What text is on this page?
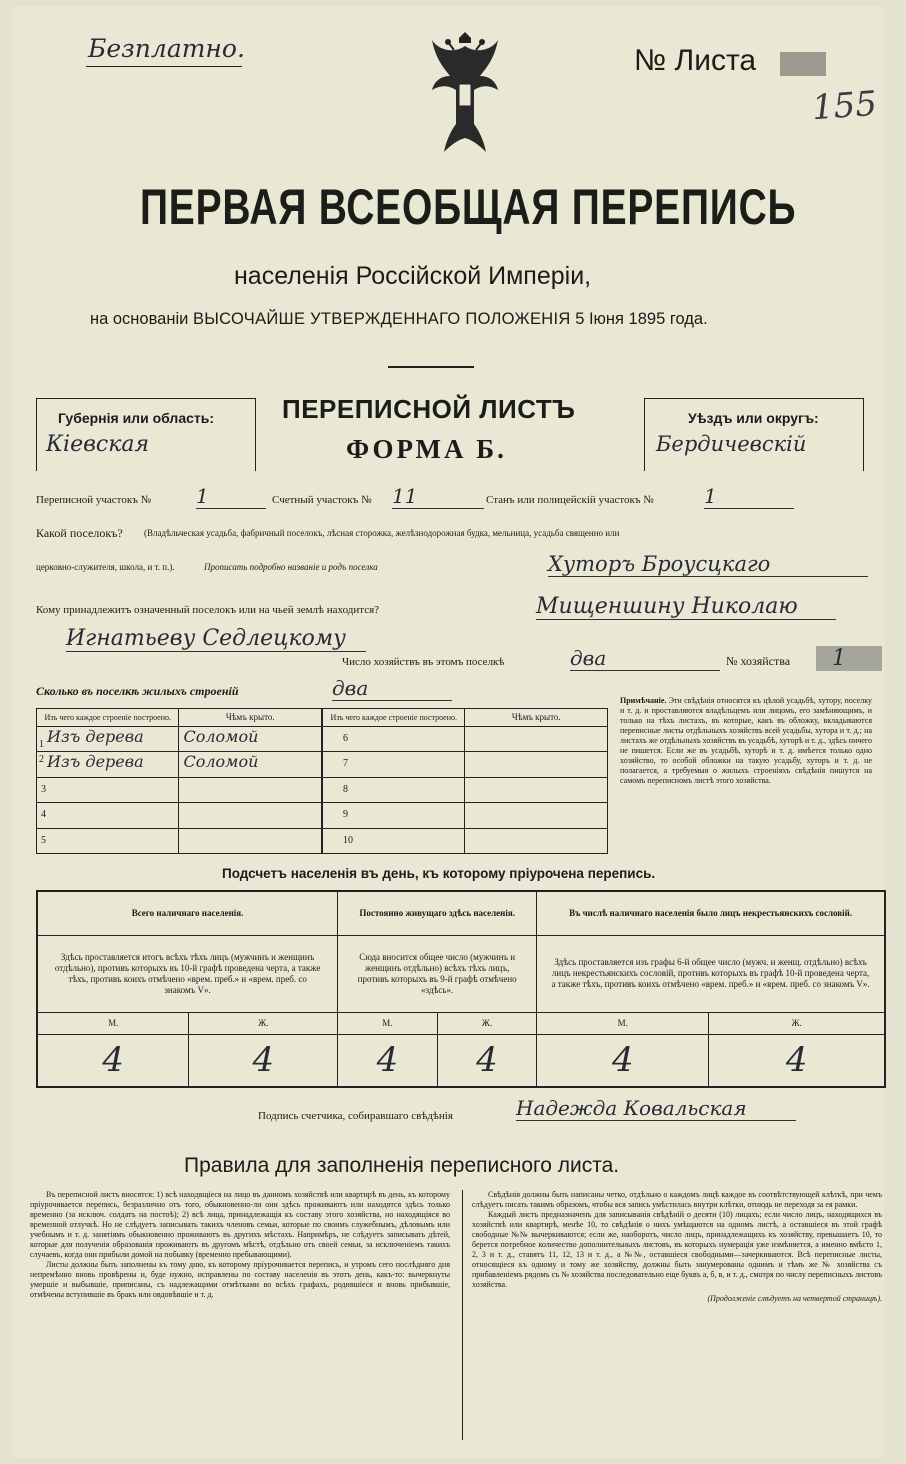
Безплатно.	№ Листа
155
ПЕРВАЯ ВСЕОБЩАЯ ПЕРЕПИСЬ
населенія Россійской Имперіи,
на основаніи ВЫСОЧАЙШЕ УТВЕРЖДЕННАГО ПОЛОЖЕНІЯ 5 Іюня 1895 года.
Губернія или область:
Кіевская
ПЕРЕПИСНОЙ ЛИСТЪ
ФОРМА Б.
Уѣздъ или округъ:
Бердичевскій
Переписной участокъ № 1	Счетный участокъ № 11	Станъ или полицейскій участокъ №	1
Какой поселокъ? (Владѣльческая усадьба, фабричный поселокъ, лѣсная сторожка, желѣзнодорожная будка, мельница, усадьба священно или
церковно-служителя, школа, и т. п.).	Прописать подробно названіе и родъ поселка	Хуторъ Броусцкаго
Кому принадлежитъ означенный поселокъ или на чьей землѣ находится?	Мищеншину Николаю
Игнатьеву Седлецкому
Число хозяйствъ въ этомъ поселкѣ	два	№ хозяйства	1
Сколько въ поселкѣ жилыхъ строеній	два
Изъ чего каждое строеніе построено.	Чѣмъ крыто.	Изъ чего каждое строеніе построено.	Чѣмъ крыто.

1 Изъ дерева	Соломой	6	

2 Изъ дерева	Соломой	7	

3		8	

4		9	

5		10	

Примѣчаніе. Эти свѣдѣнія относятся къ цѣлой усадьбѣ, хутору, поселку и т. д. и проставляются владѣльцемъ или лицомъ, его замѣняющимъ, и только на тѣхъ листахъ, въ которые, какъ въ обложку, вкладываются переписные листы отдѣльныхъ хозяйствъ всей усадьбы, хутора и т. д.; на листахъ же отдѣльныхъ хозяйствъ въ усадьбѣ, хуторѣ и т. д., здѣсь ничего не пишется. Если же въ усадьбѣ, хуторѣ и т. д. имѣется только одно хозяйство, то особой обложки на такую усадьбу, хуторъ и т. д. не полагается, а требуемыя о жилыхъ строеніяхъ свѣдѣнія пишутся на самомъ переписномъ листѣ этого хозяйства.
Подсчетъ населенія въ день, къ которому пріурочена перепись.
Всего наличнаго населенія.		Постоянно живущаго здѣсь населенія.		Въ числѣ наличнаго населенія было лицъ некрестьянскихъ сословій.	
Здѣсь проставляется итогъ всѣхъ тѣхъ лицъ (мужчинъ и женщинъ отдѣльно), противъ которыхъ въ 10-й графѣ проведена черта, а также тѣхъ, противъ коихъ отмѣчено «врем. преб.» и «врем. преб. со знакомъ V».		Сюда вносится общее число (мужчинъ и женщинъ отдѣльно) всѣхъ тѣхъ лицъ, противъ которыхъ въ 9-й графѣ отмѣчено «здѣсь».		Здѣсь проставляется изъ графы 6-й общее число (мужч. и женщ. отдѣльно) всѣхъ лицъ некрестьянскихъ сословій, противъ которыхъ въ графѣ 10-й проведена черта, а также тѣхъ, противъ коихъ отмѣчено «врем. преб.» и «врем. преб. со знакомъ V».	
М.	Ж.	М.	Ж.	М.	Ж.
4	4	4	4	4	4
Подпись счетчика, собиравшаго свѣдѣнія	Надежда Ковальская
Правила для заполненія переписного листа.

Въ переписной листъ вносятся: 1) всѣ находящіеся на лицо въ данномъ хозяйствѣ или квартирѣ въ день, къ которому пріурочивается перепись, безразлично отъ того, обыкновенно-ли они здѣсь проживаютъ или находятся здѣсь только временно (за исключ. солдатъ на постоѣ); 2) всѣ лица, принадлежащія къ составу этого хозяйства, но находящіяся во временной отлучкѣ. Но не слѣдуетъ записывать такихъ членовъ семьи, которые по своимъ служебнымъ, дѣловымъ или учебнымъ и т. д. занятіямъ обыкновенно проживаютъ въ другихъ мѣстахъ. Напримѣръ, не слѣдуетъ записывать дѣтей, которые для полученія образованія проживаютъ въ другомъ мѣстѣ, отдѣльно отъ своей семьи, за исключеніемъ такихъ случаевъ, когда они прибыли домой на побывку (временно пребывающими).

Листы должны быть заполнены къ тому дню, къ которому пріурочивается перепись, и утромъ сего послѣдняго дня непремѣнно вновь провѣрены и, буде нужно, исправлены по составу населенія въ этотъ день, какъ-то: вычеркнуты умершіе и выбывшіе, приписаны, съ надлежащими отмѣтками во всѣхъ графахъ, родившіеся и вновь прибывшіе, отмѣчены вступившіе въ бракъ или овдовѣвшіе и т. д.

Свѣдѣнія должны быть написаны четко, отдѣльно о каждомъ лицѣ каждое въ соотвѣтствующей клѣткѣ, при чемъ слѣдуетъ писать такимъ образомъ, чтобы вся запись умѣстилась внутри клѣтки, отнюдь не переходя за ея рамки.

Каждый листъ предназначенъ для записыванія свѣдѣній о десяти (10) лицахъ; если число лицъ, находящихся въ хозяйствѣ или квартирѣ, менѣе 10, то свѣдѣнія о нихъ умѣщаются на одномъ листѣ, а оставшіеся въ этой графѣ свободные №№ вычеркиваются; если же, наоборотъ, число лицъ, принадлежащихъ къ хозяйству, превышаетъ 10, то берется потребное количество дополнительныхъ листовъ, въ которыхъ нумерація уже измѣняется, а именно вмѣсто 1, 2, 3 и т. д., ставятъ 11, 12, 13 и т. д., а №№, оставшіеся свободными—зачеркиваются. Всѣ переписные листы, относящіеся къ одному и тому же хозяйству, должны быть занумерованы однимъ и тѣмъ же № хозяйства съ прибавленіемъ рядомъ съ № хозяйства последовательно еще буквъ а, б, в, и т. д., смотря по числу переписныхъ листовъ хозяйства.

(Продолженіе слѣдуетъ на четвертой страницѣ).
